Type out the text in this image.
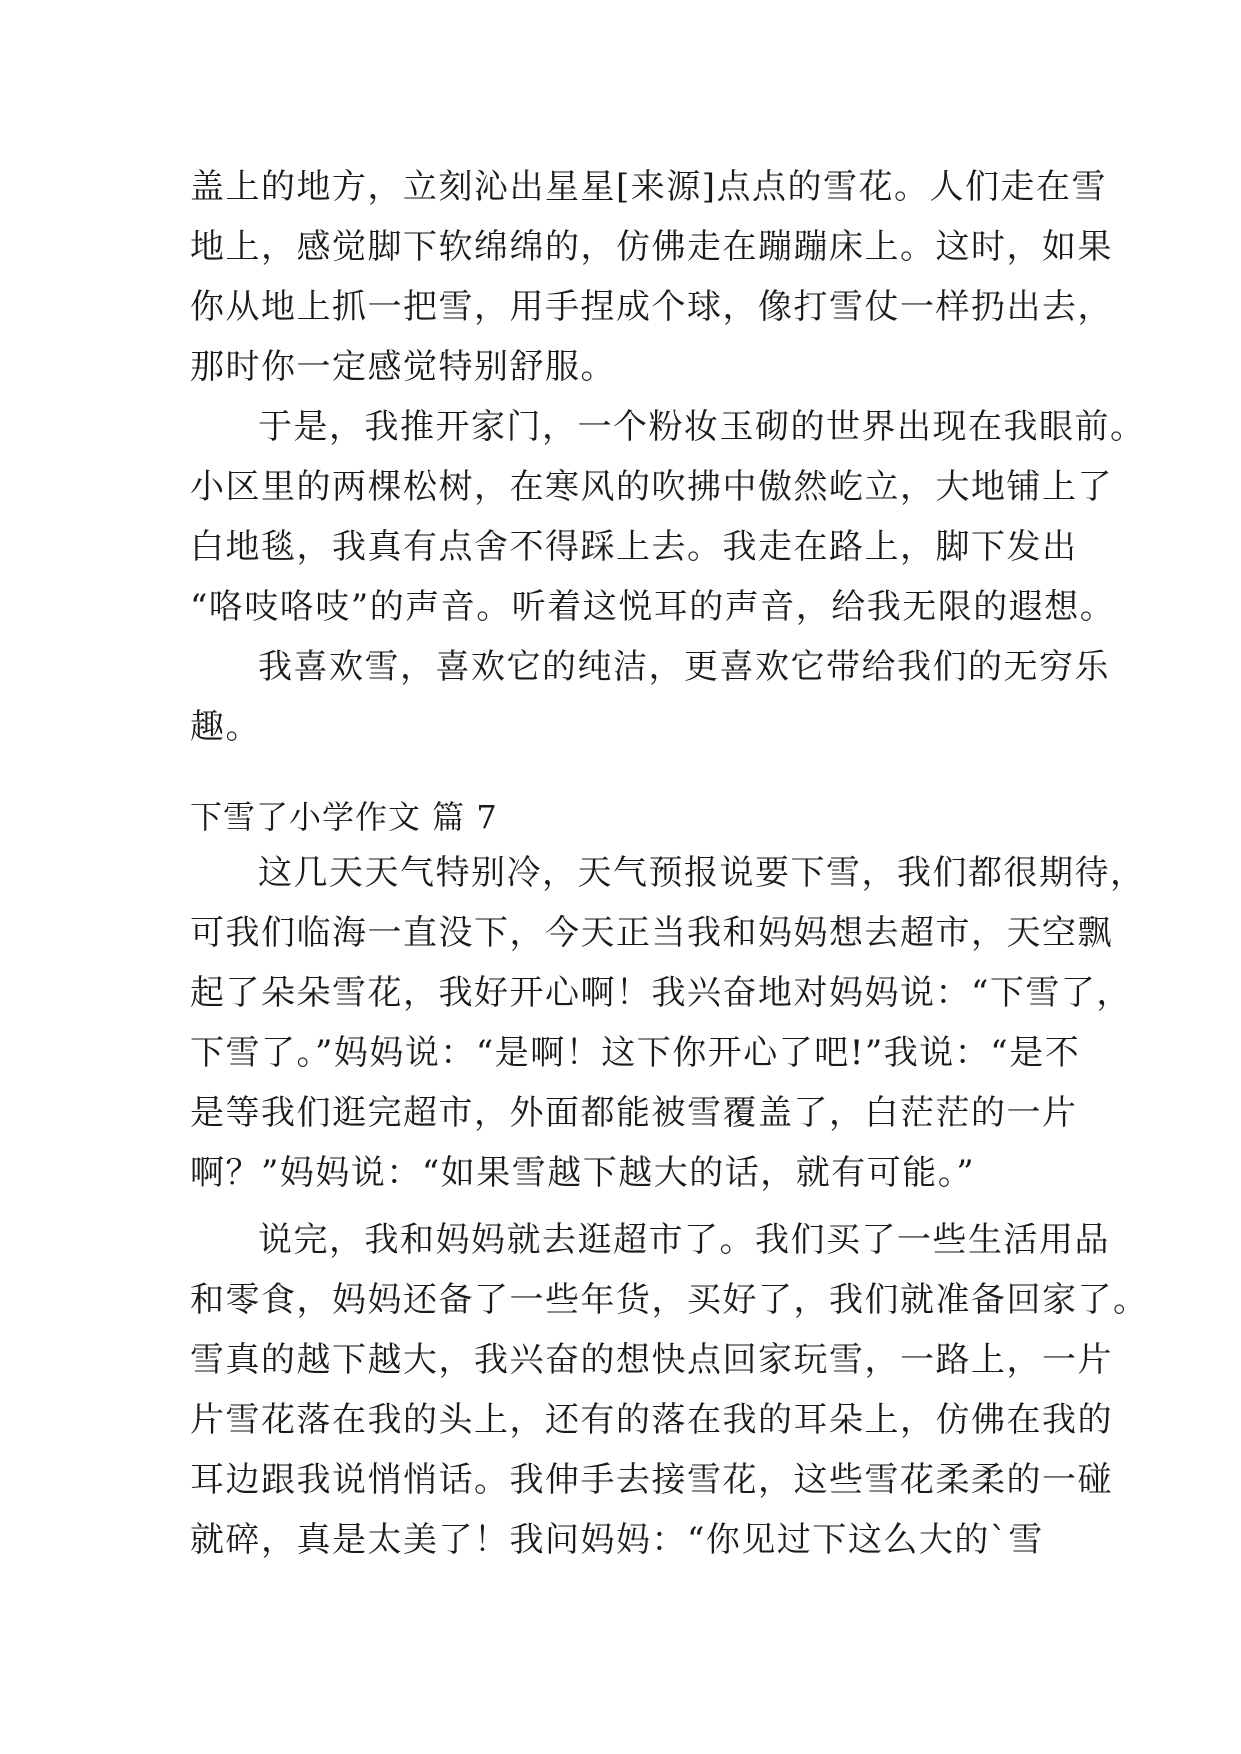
盖上的地方，立刻沁出星星[来源]点点的雪花。人们走在雪
地上，感觉脚下软绵绵的，仿佛走在蹦蹦床上。这时，如果
你从地上抓一把雪，用手捏成个球，像打雪仗一样扔出去，
那时你一定感觉特别舒服。
于是，我推开家门，一个粉妆玉砌的世界出现在我眼前。
小区里的两棵松树，在寒风的吹拂中傲然屹立，大地铺上了
白地毯，我真有点舍不得踩上去。我走在路上，脚下发出
“咯吱咯吱”的声音。听着这悦耳的声音，给我无限的遐想。
我喜欢雪，喜欢它的纯洁，更喜欢它带给我们的无穷乐
趣。
下雪了小学作文 篇 7
这几天天气特别冷，天气预报说要下雪，我们都很期待，
可我们临海一直没下，今天正当我和妈妈想去超市，天空飘
起了朵朵雪花，我好开心啊！我兴奋地对妈妈说：“下雪了，
下雪了。”妈妈说：“是啊！这下你开心了吧!”我说：“是不
是等我们逛完超市，外面都能被雪覆盖了，白茫茫的一片
啊？”妈妈说：“如果雪越下越大的话，就有可能。”
说完，我和妈妈就去逛超市了。我们买了一些生活用品
和零食，妈妈还备了一些年货，买好了，我们就准备回家了。
雪真的越下越大，我兴奋的想快点回家玩雪，一路上，一片
片雪花落在我的头上，还有的落在我的耳朵上，仿佛在我的
耳边跟我说悄悄话。我伸手去接雪花，这些雪花柔柔的一碰
就碎，真是太美了！我问妈妈：“你见过下这么大的`雪
